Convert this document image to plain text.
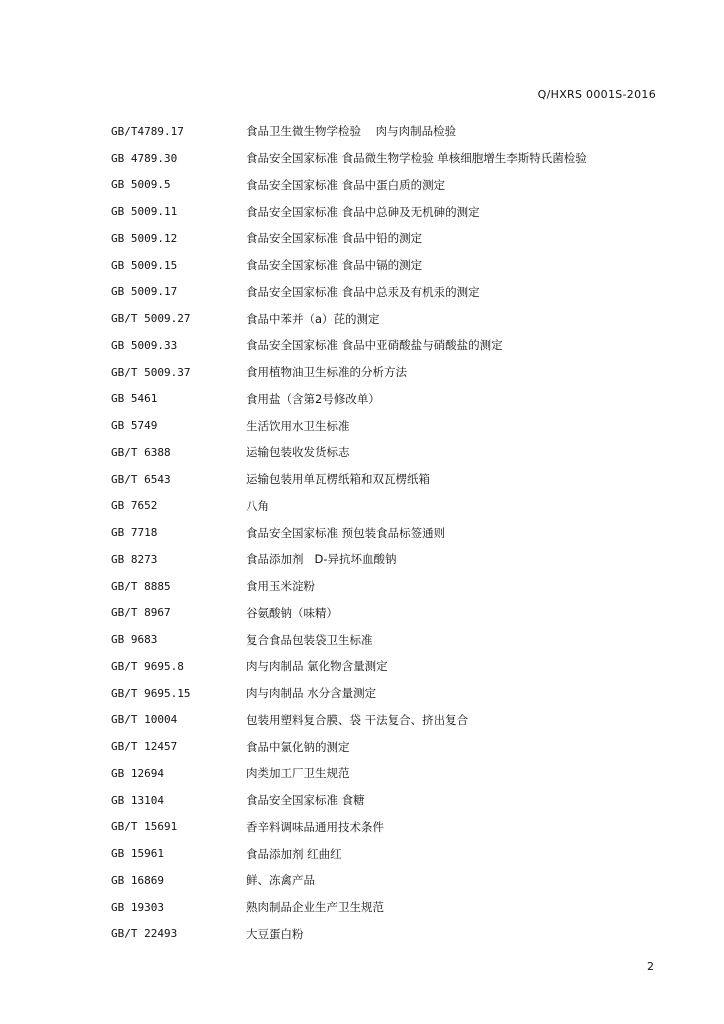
Q/HXRS 0001S-2016
GB/T4789.17	食品卫生微生物学检验    肉与肉制品检验
GB 4789.30	食品安全国家标准 食品微生物学检验 单核细胞增生李斯特氏菌检验
GB 5009.5	食品安全国家标准 食品中蛋白质的测定
GB 5009.11	食品安全国家标准 食品中总砷及无机砷的测定
GB 5009.12	食品安全国家标准 食品中铅的测定
GB 5009.15	食品安全国家标准 食品中镉的测定
GB 5009.17	食品安全国家标准 食品中总汞及有机汞的测定
GB/T 5009.27	食品中苯并（a）芘的测定
GB 5009.33	食品安全国家标准 食品中亚硝酸盐与硝酸盐的测定
GB/T 5009.37	食用植物油卫生标准的分析方法
GB 5461	食用盐（含第2号修改单）
GB 5749	生活饮用水卫生标准
GB/T 6388	运输包装收发货标志
GB/T 6543	运输包装用单瓦楞纸箱和双瓦楞纸箱
GB 7652	八角
GB 7718	食品安全国家标准 预包装食品标签通则
GB 8273	食品添加剂   D-异抗坏血酸钠
GB/T 8885	食用玉米淀粉
GB/T 8967	谷氨酸钠（味精）
GB 9683	复合食品包装袋卫生标准
GB/T 9695.8	肉与肉制品 氯化物含量测定
GB/T 9695.15	肉与肉制品 水分含量测定
GB/T 10004	包装用塑料复合膜、袋 干法复合、挤出复合
GB/T 12457	食品中氯化钠的测定
GB 12694	肉类加工厂卫生规范
GB 13104	食品安全国家标准 食糖
GB/T 15691	香辛料调味品通用技术条件
GB 15961	食品添加剂 红曲红
GB 16869	鲜、冻禽产品
GB 19303	熟肉制品企业生产卫生规范
GB/T 22493	大豆蛋白粉
2
